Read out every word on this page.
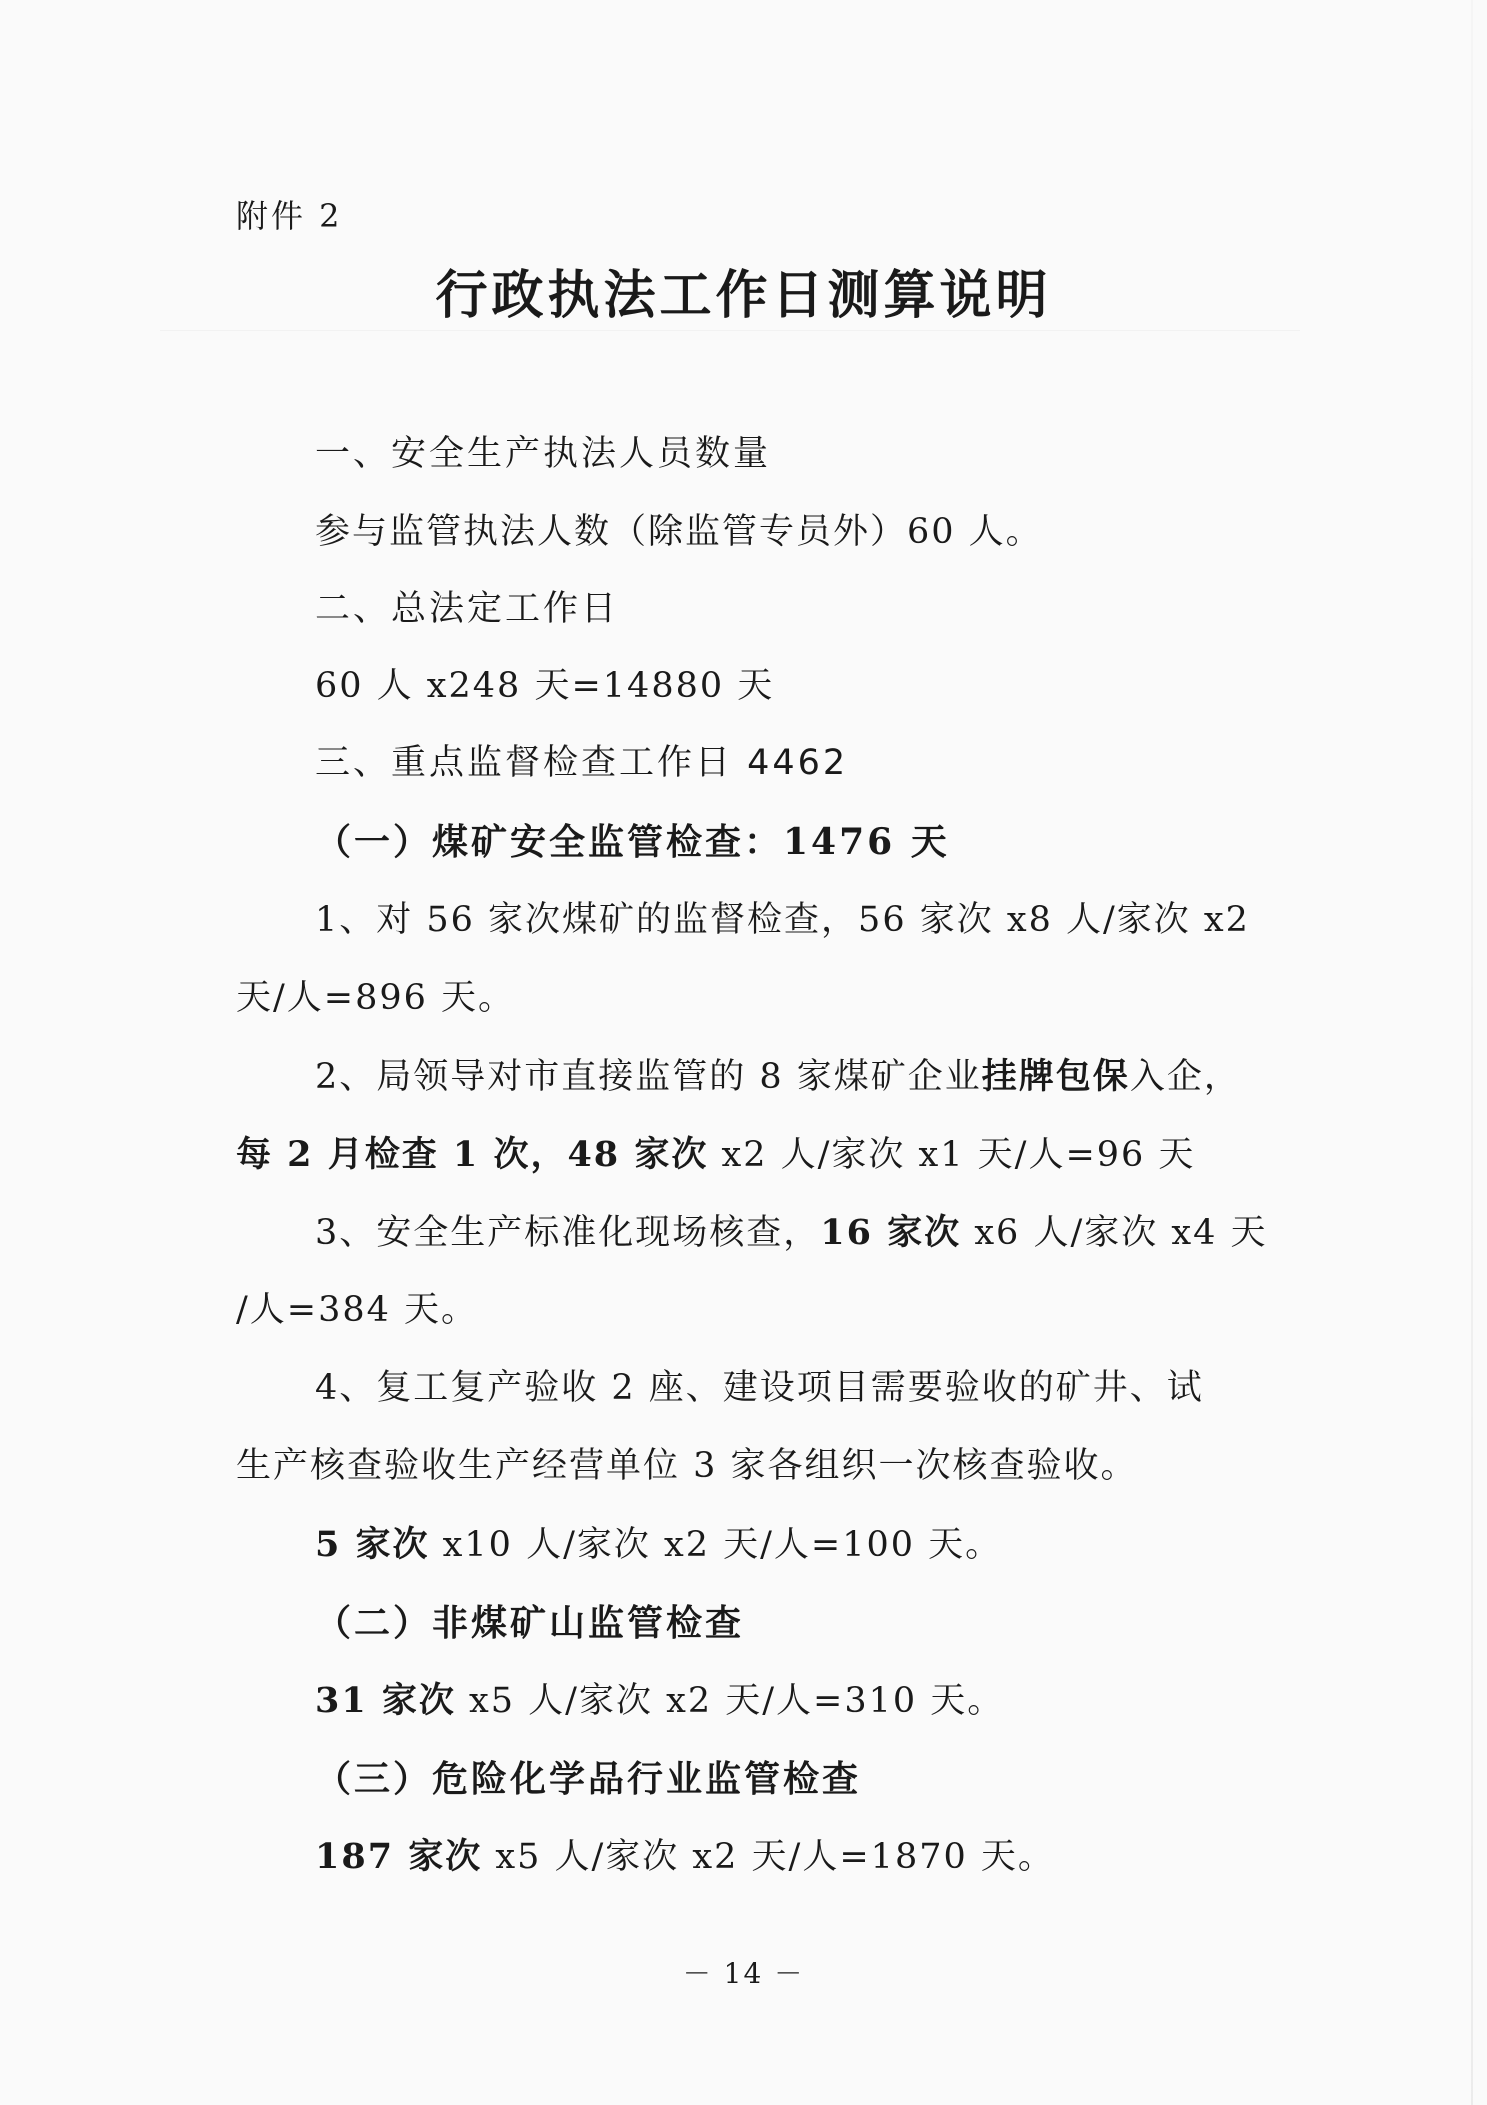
附件 2
行政执法工作日测算说明
一、安全生产执法人员数量
参与监管执法人数（除监管专员外）60 人。
二、总法定工作日
60 人 x248 天=14880 天
三、重点监督检查工作日 4462
（一）煤矿安全监管检查：1476 天
1、对 56 家次煤矿的监督检查，56 家次 x8 人/家次 x2
天/人=896 天。
2、局领导对市直接监管的 8 家煤矿企业挂牌包保入企，
每 2 月检查 1 次，48 家次 x2 人/家次 x1 天/人=96 天
3、安全生产标准化现场核查，16 家次 x6 人/家次 x4 天
/人=384 天。
4、复工复产验收 2 座、建设项目需要验收的矿井、试
生产核查验收生产经营单位 3 家各组织一次核查验收。
5 家次 x10 人/家次 x2 天/人=100 天。
（二）非煤矿山监管检查
31 家次 x5 人/家次 x2 天/人=310 天。
（三）危险化学品行业监管检查
187 家次 x5 人/家次 x2 天/人=1870 天。
－ 14 －
